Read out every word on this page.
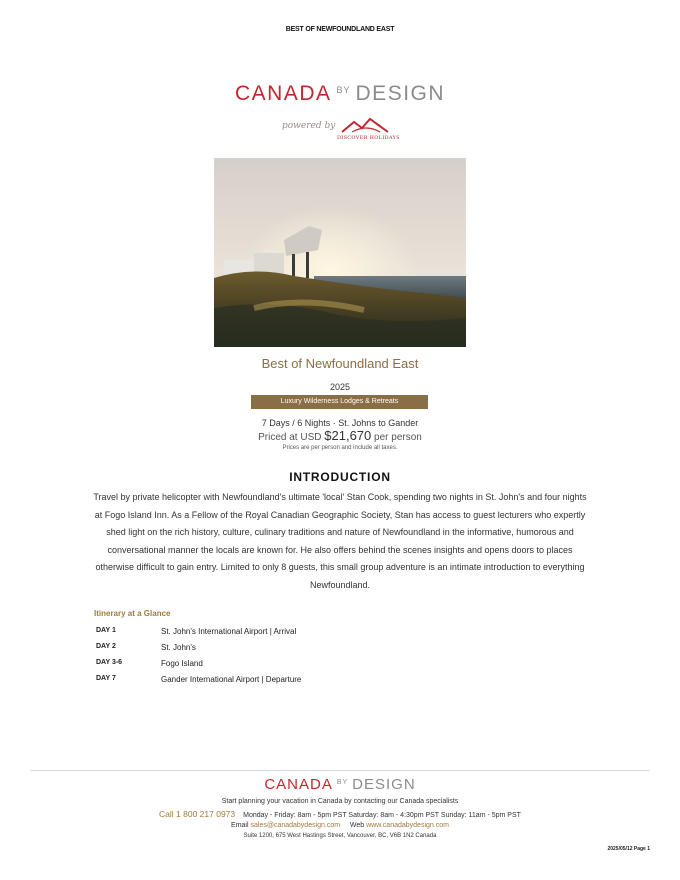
BEST OF NEWFOUNDLAND EAST
CANADA $^{BY}$ DESIGN
powered by
DISCOVER HOLIDAYS
Best of Newfoundland East
2025
Luxury Wilderness Lodges & Retreats
7 Days / 6 Nights · St. Johns to Gander
Priced at USD $21,670 per person
Prices are per person and include all taxes.
INTRODUCTION
Travel by private helicopter with Newfoundland's ultimate 'local' Stan Cook, spending two nights in St. John's and four nights at Fogo Island Inn. As a Fellow of the Royal Canadian Geographic Society, Stan has access to guest lecturers who expertly shed light on the rich history, culture, culinary traditions and nature of Newfoundland in the informative, humorous and conversational manner the locals are known for. He also offers behind the scenes insights and opens doors to places otherwise difficult to gain entry. Limited to only 8 guests, this small group adventure is an intimate introduction to everything Newfoundland.
Itinerary at a Glance
DAY 1	St. John's International Airport | Arrival
DAY 2	St. John's
DAY 3-6	Fogo Island
DAY 7	Gander International Airport | Departure
CANADA $^{BY}$ DESIGN
Start planning your vacation in Canada by contacting our Canada specialists
Call 1 800 217 0973 Monday - Friday: 8am - 5pm PST Saturday: 8am - 4:30pm PST Sunday: 11am - 5pm PST
Email sales@canadabydesign.com Web www.canadabydesign.com
Suite 1200, 675 West Hastings Street, Vancouver, BC, V6B 1N2 Canada
2025/05/12 Page 1
